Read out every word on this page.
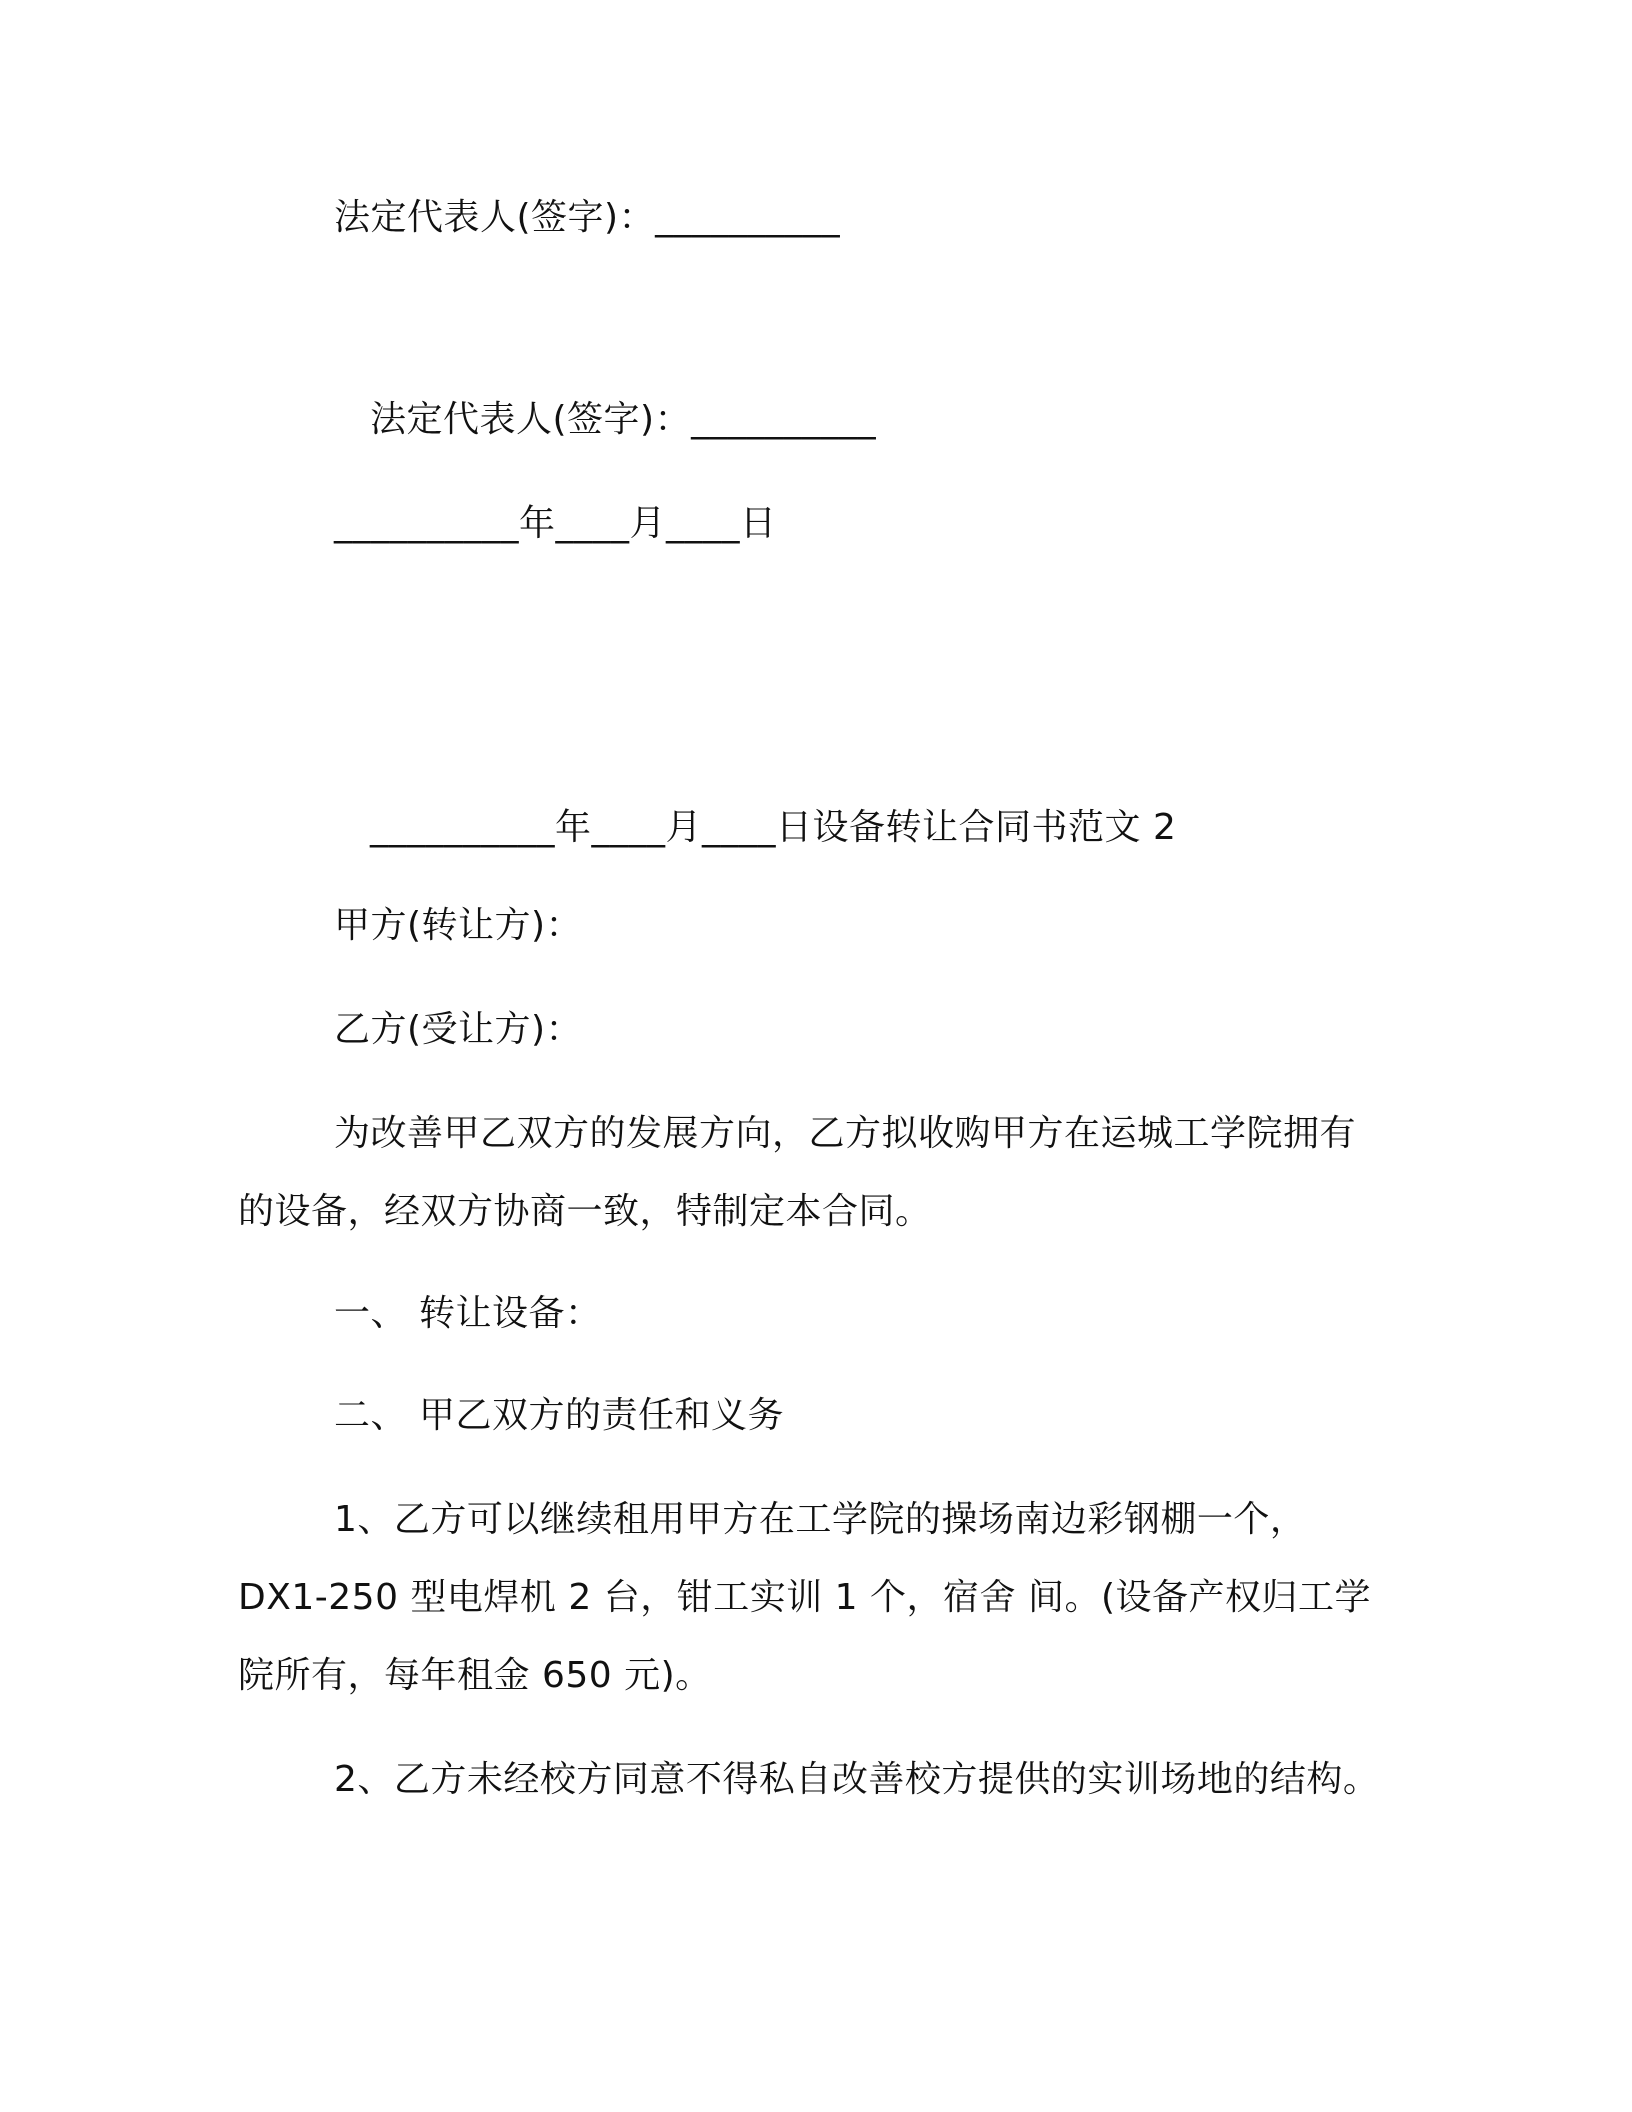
法定代表人(签字)：__________
法定代表人(签字)：__________
__________年____月____日
__________年____月____日设备转让合同书范文 2
甲方(转让方)：
乙方(受让方)：
为改善甲乙双方的发展方向，乙方拟收购甲方在运城工学院拥有
的设备，经双方协商一致，特制定本合同。
一、 转让设备：
二、 甲乙双方的责任和义务
1、乙方可以继续租用甲方在工学院的操场南边彩钢棚一个，
DX1-250 型电焊机 2 台，钳工实训 1 个，宿舍 间。(设备产权归工学
院所有，每年租金 650 元)。
2、乙方未经校方同意不得私自改善校方提供的实训场地的结构。
